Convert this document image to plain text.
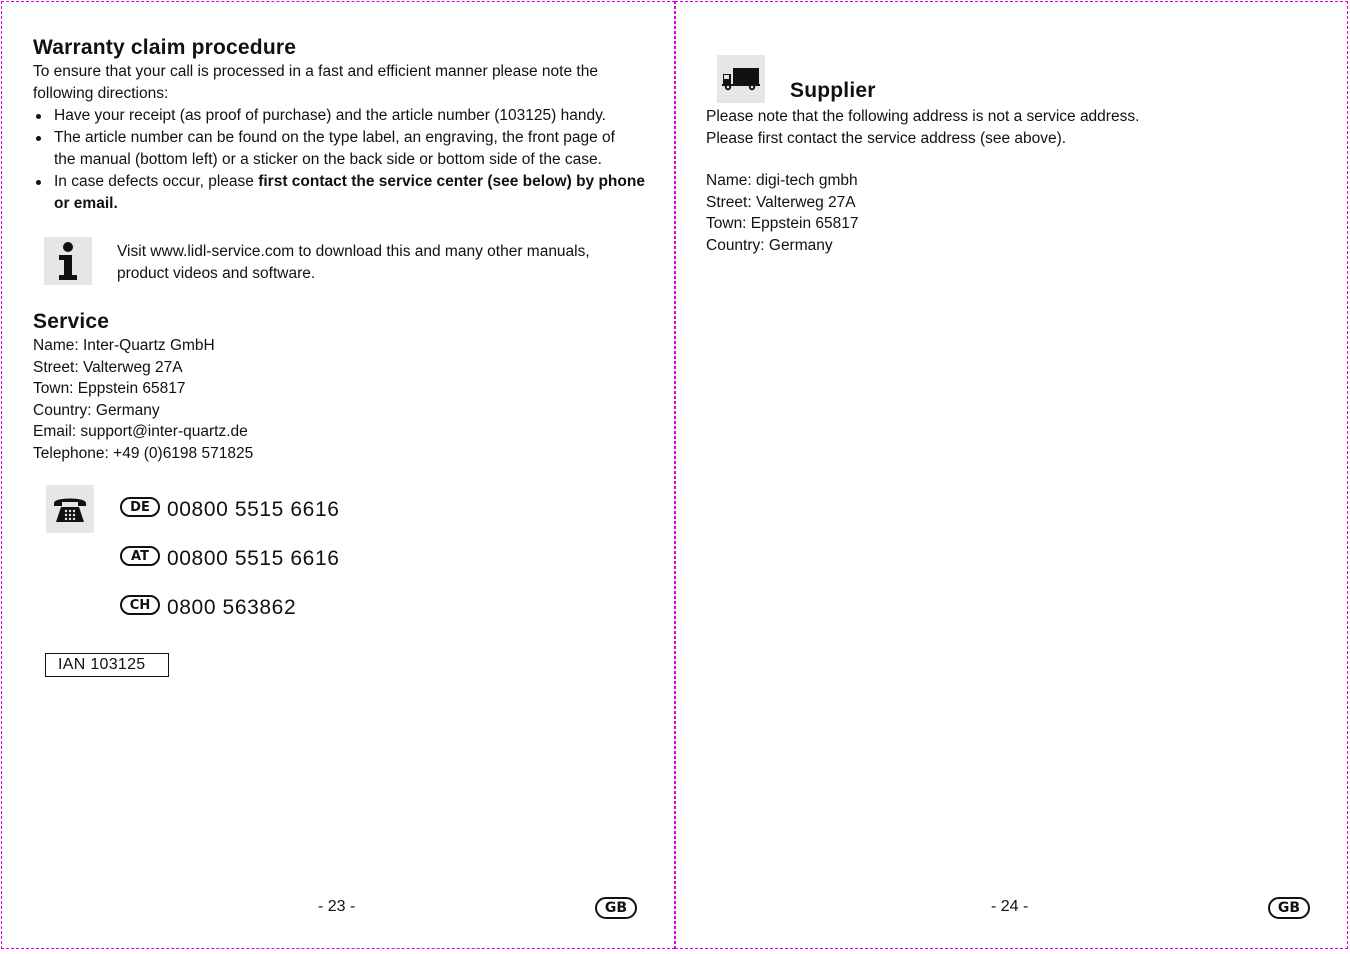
Warranty claim procedure
To ensure that your call is processed in a fast and efficient manner please note the
following directions:
Have your receipt (as proof of purchase) and the article number (103125) handy.
The article number can be found on the type label, an engraving, the front page of
the manual (bottom left) or a sticker on the back side or bottom side of the case.
In case defects occur, please first contact the service center (see below) by phone
or email.
Visit www.lidl-service.com to download this and many other manuals,
product videos and software.
Service
Name: Inter-Quartz GmbH
Street: Valterweg 27A
Town: Eppstein 65817
Country: Germany
Email: support@inter-quartz.de
Telephone: +49 (0)6198 571825
DE 00800 5515 6616
AT 00800 5515 6616
CH 0800 563862
IAN 103125
- 23 -	GB
Supplier
Please note that the following address is not a service address.
Please first contact the service address (see above).
Name: digi-tech gmbh
Street: Valterweg 27A
Town: Eppstein 65817
Country: Germany
- 24 -	GB
